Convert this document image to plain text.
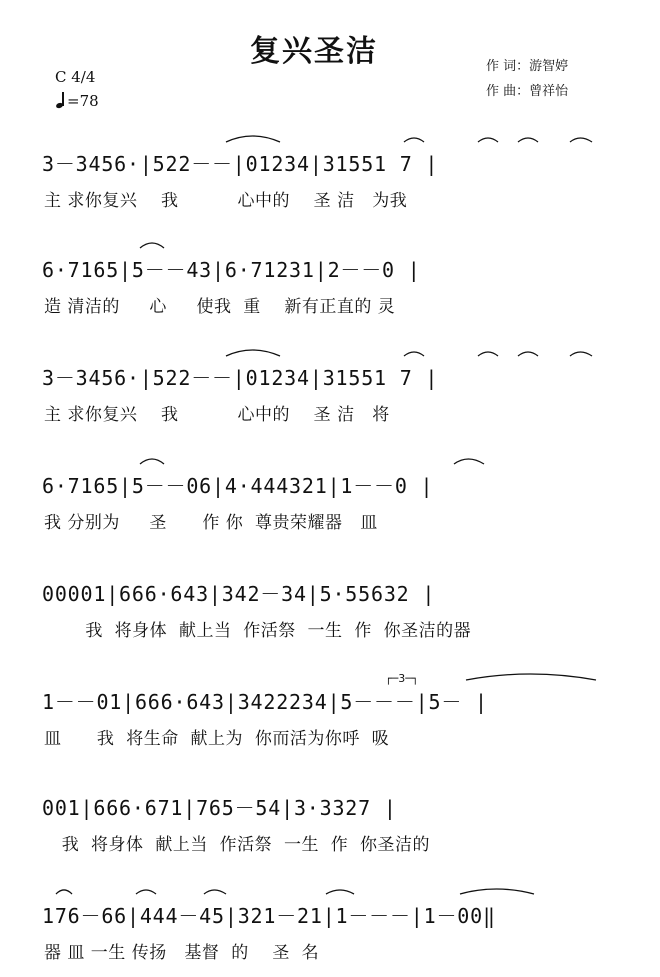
复兴圣洁	作 词：游智婷
作 曲：曾祥怡
C 4/4
=78
3－3456·|522－－|01234|31551 7 |
主 求你复兴    我          心中的    圣 洁   为我
6·7165|5－－43|6·71231|2－－0 |
造 清洁的     心     使我  重    新有正直的 灵
3－3456·|522－－|01234|31551 7 |
主 求你复兴    我          心中的    圣 洁   将
6·7165|5－－06|4·444321|1－－0 |
我 分别为     圣      作 你  尊贵荣耀器   皿
00001|666·643|342－34|5·55632 |
我  将身体  献上当  作活祭  一生  作  你圣洁的器
┌─3─┐
1－－01|666·643|3422234|5－－－|5－ |
皿      我  将生命  献上为  你而活为你呼  吸
001|666·671|765－54|3·3327 |
我  将身体  献上当  作活祭  一生  作  你圣洁的
176－66|444－45|321－21|1－－－|1－00‖
器 皿 一生 传扬   基督  的    圣  名
